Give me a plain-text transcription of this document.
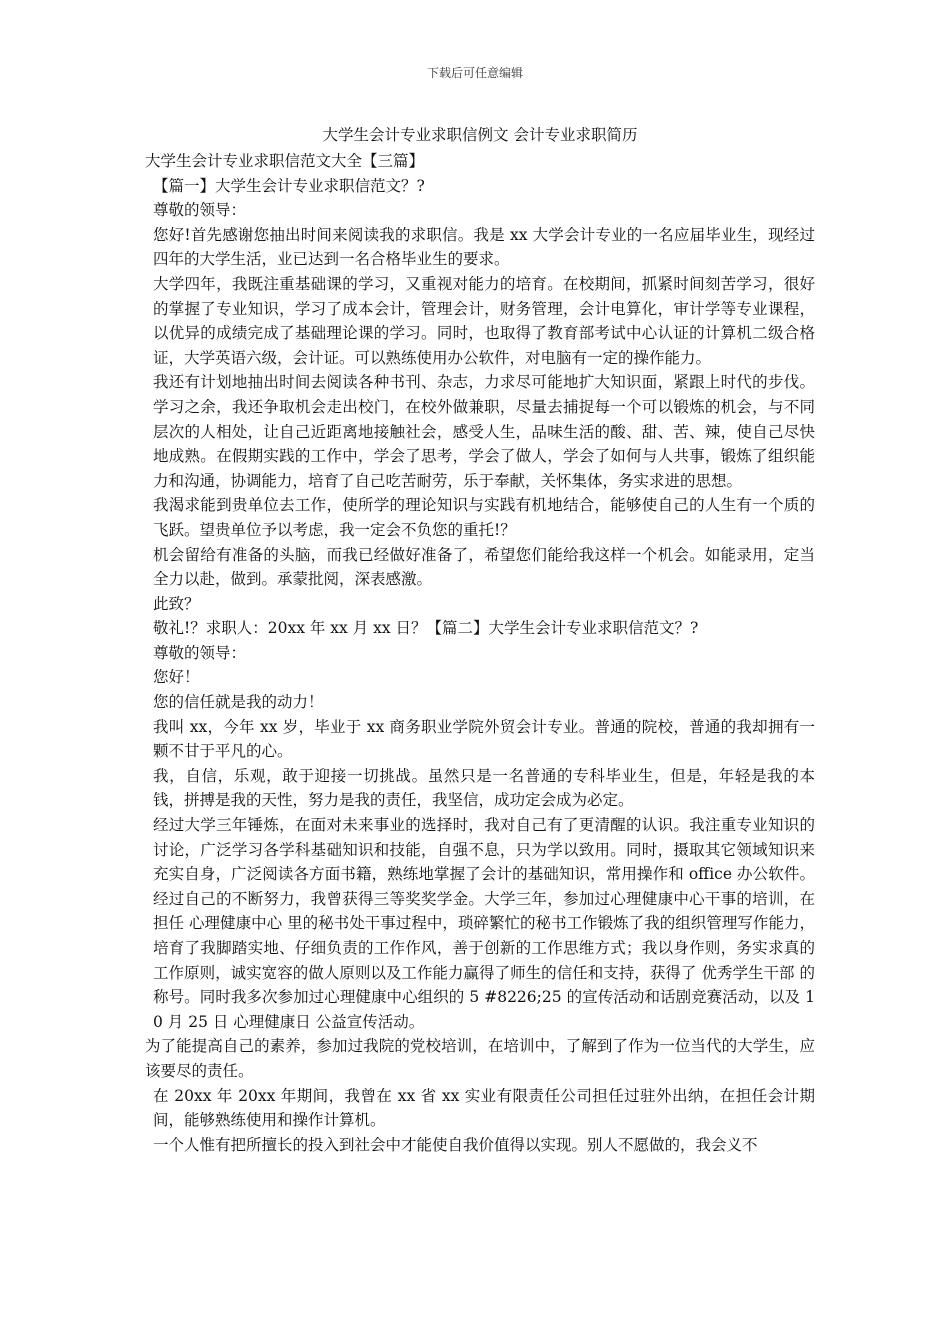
下载后可任意编辑
大学生会计专业求职信例文 会计专业求职简历

大学生会计专业求职信范文大全【三篇】

【篇一】大学生会计专业求职信范文？?

尊敬的领导：

您好!首先感谢您抽出时间来阅读我的求职信。我是 xx 大学会计专业的一名应届毕业生，现经过四年的大学生活，业已达到一名合格毕业生的要求。

大学四年，我既注重基础课的学习，又重视对能力的培育。在校期间，抓紧时间刻苦学习，很好的掌握了专业知识，学习了成本会计，管理会计，财务管理，会计电算化，审计学等专业课程，以优异的成绩完成了基础理论课的学习。同时，也取得了教育部考试中心认证的计算机二级合格证，大学英语六级，会计证。可以熟练使用办公软件，对电脑有一定的操作能力。

我还有计划地抽出时间去阅读各种书刊、杂志，力求尽可能地扩大知识面，紧跟上时代的步伐。学习之余，我还争取机会走出校门，在校外做兼职，尽量去捕捉每一个可以锻炼的机会，与不同层次的人相处，让自己近距离地接触社会，感受人生，品味生活的酸、甜、苦、辣，使自己尽快地成熟。在假期实践的工作中，学会了思考，学会了做人，学会了如何与人共事，锻炼了组织能力和沟通，协调能力，培育了自己吃苦耐劳，乐于奉献，关怀集体，务实求进的思想。

我渴求能到贵单位去工作，使所学的理论知识与实践有机地结合，能够使自己的人生有一个质的飞跃。望贵单位予以考虑，我一定会不负您的重托!？

机会留给有准备的头脑，而我已经做好准备了，希望您们能给我这样一个机会。如能录用，定当全力以赴，做到。承蒙批阅，深表感激。

此致？

敬礼!？求职人：20xx 年 xx 月 xx 日？【篇二】大学生会计专业求职信范文？?

尊敬的领导：

您好！

您的信任就是我的动力！

我叫 xx，今年 xx 岁，毕业于 xx 商务职业学院外贸会计专业。普通的院校，普通的我却拥有一颗不甘于平凡的心。

我，自信，乐观，敢于迎接一切挑战。虽然只是一名普通的专科毕业生，但是，年轻是我的本钱，拼搏是我的天性，努力是我的责任，我坚信，成功定会成为必定。

经过大学三年锤炼，在面对未来事业的选择时，我对自己有了更清醒的认识。我注重专业知识的讨论，广泛学习各学科基础知识和技能，自强不息，只为学以致用。同时，摄取其它领域知识来充实自身，广泛阅读各方面书籍，熟练地掌握了会计的基础知识，常用操作和 office 办公软件。经过自己的不断努力，我曾获得三等奖奖学金。大学三年，参加过心理健康中心干事的培训，在担任 心理健康中心 里的秘书处干事过程中，琐碎繁忙的秘书工作锻炼了我的组织管理写作能力，培育了我脚踏实地、仔细负责的工作作风，善于创新的工作思维方式；我以身作则，务实求真的工作原则，诚实宽容的做人原则以及工作能力赢得了师生的信任和支持，获得了 优秀学生干部 的称号。同时我多次参加过心理健康中心组织的 5 #8226;25 的宣传活动和话剧竞赛活动，以及 10 月 25 日 心理健康日 公益宣传活动。

为了能提高自己的素养，参加过我院的党校培训，在培训中，了解到了作为一位当代的大学生，应该要尽的责任。

在 20xx 年 20xx 年期间，我曾在 xx 省 xx 实业有限责任公司担任过驻外出纳，在担任会计期间，能够熟练使用和操作计算机。

一个人惟有把所擅长的投入到社会中才能使自我价值得以实现。别人不愿做的，我会义不
